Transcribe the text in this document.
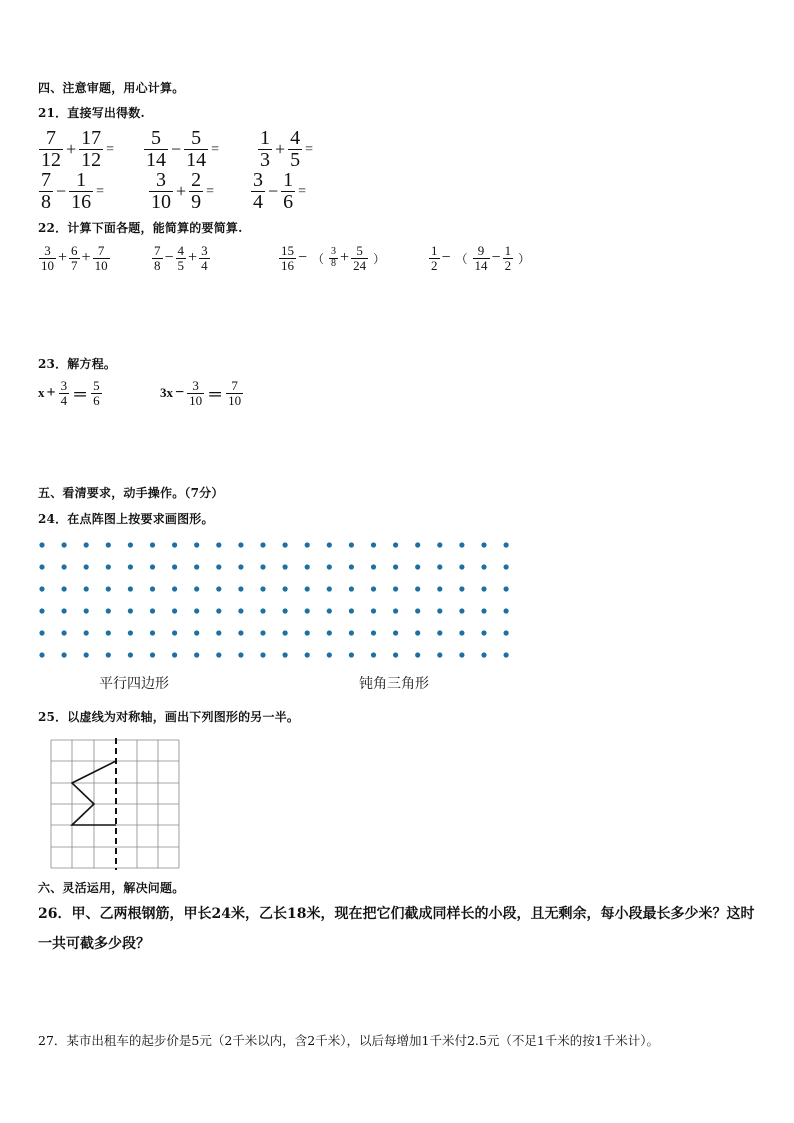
四、注意审题，用心计算。
21．直接写出得数.
$\frac{7}{12} + \frac{17}{12} = \frac{5}{14} - \frac{5}{14} = \frac{1}{3} + \frac{4}{5}$ =
$\frac{7}{8} - \frac{1}{16} = \frac{3}{10} + \frac{2}{9} = \frac{3}{4} - \frac{1}{6}$ =
22．计算下面各题，能简算的要简算.
$\frac{3}{10} + \frac{6}{7} + \frac{7}{10}$	$\frac{7}{8} - \frac{4}{5} + \frac{3}{4}$	$\frac{15}{16}$ − （ $\frac{3}{8} + \frac{5}{24}$ ）	$\frac{1}{2}$ − （ $\frac{9}{14} - \frac{1}{2}$ ）
23．解方程。
$x + \frac{3}{4} = \frac{5}{6}$	$3x - \frac{3}{10} = \frac{7}{10}$
五、看清要求，动手操作。（7分）
24．在点阵图上按要求画图形。
平行四边形	钝角三角形
25．以虚线为对称轴，画出下列图形的另一半。
六、灵活运用，解决问题。
26．甲、乙两根钢筋，甲长24米，乙长18米，现在把它们截成同样长的小段，且无剩余，每小段最长多少米？这时一共可截多少段？
27．某市出租车的起步价是5元（2千米以内，含2千米），以后每增加1千米付2.5元（不足1千米的按1千米计）。
